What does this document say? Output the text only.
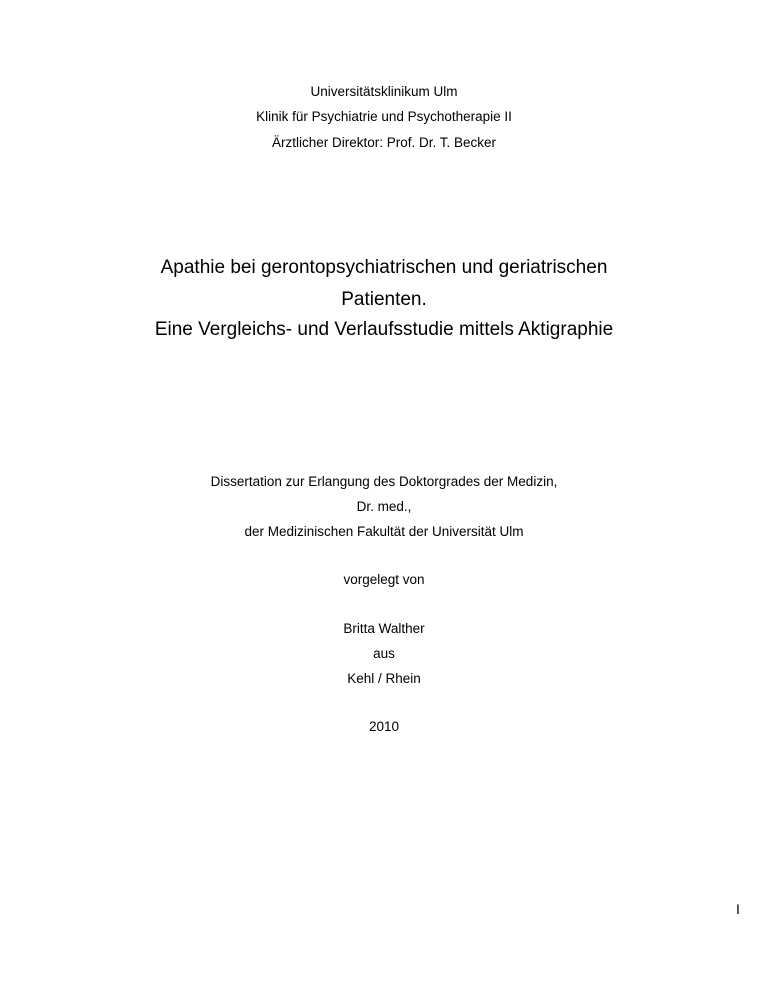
Universitätsklinikum Ulm
Klinik für Psychiatrie und Psychotherapie II
Ärztlicher Direktor: Prof. Dr. T. Becker
Apathie bei gerontopsychiatrischen und geriatrischen
Patienten.
Eine Vergleichs- und Verlaufsstudie mittels Aktigraphie
Dissertation zur Erlangung des Doktorgrades der Medizin,
Dr. med.,
der Medizinischen Fakultät der Universität Ulm
vorgelegt von
Britta Walther
aus
Kehl / Rhein
2010
I
